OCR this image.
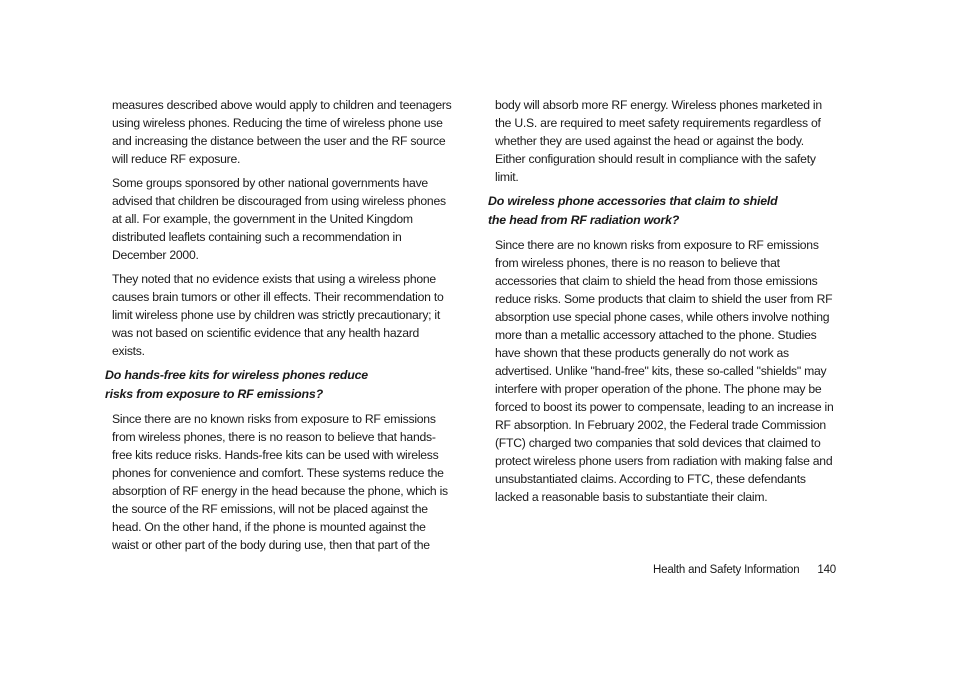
measures described above would apply to children and teenagers using wireless phones. Reducing the time of wireless phone use and increasing the distance between the user and the RF source will reduce RF exposure.

Some groups sponsored by other national governments have advised that children be discouraged from using wireless phones at all. For example, the government in the United Kingdom distributed leaflets containing such a recommendation in December 2000.

They noted that no evidence exists that using a wireless phone causes brain tumors or other ill effects. Their recommendation to limit wireless phone use by children was strictly precautionary; it was not based on scientific evidence that any health hazard exists.

Do hands-free kits for wireless phones reduce
risks from exposure to RF emissions?

Since there are no known risks from exposure to RF emissions from wireless phones, there is no reason to believe that hands-free kits reduce risks. Hands-free kits can be used with wireless phones for convenience and comfort. These systems reduce the absorption of RF energy in the head because the phone, which is the source of the RF emissions, will not be placed against the head. On the other hand, if the phone is mounted against the waist or other part of the body during use, then that part of the

body will absorb more RF energy. Wireless phones marketed in the U.S. are required to meet safety requirements regardless of whether they are used against the head or against the body. Either configuration should result in compliance with the safety limit.

Do wireless phone accessories that claim to shield
the head from RF radiation work?

Since there are no known risks from exposure to RF emissions from wireless phones, there is no reason to believe that accessories that claim to shield the head from those emissions reduce risks. Some products that claim to shield the user from RF absorption use special phone cases, while others involve nothing more than a metallic accessory attached to the phone. Studies have shown that these products generally do not work as advertised. Unlike "hand-free" kits, these so-called "shields" may interfere with proper operation of the phone. The phone may be forced to boost its power to compensate, leading to an increase in RF absorption. In February 2002, the Federal trade Commission (FTC) charged two companies that sold devices that claimed to protect wireless phone users from radiation with making false and unsubstantiated claims. According to FTC, these defendants lacked a reasonable basis to substantiate their claim.

Health and Safety Information 140
